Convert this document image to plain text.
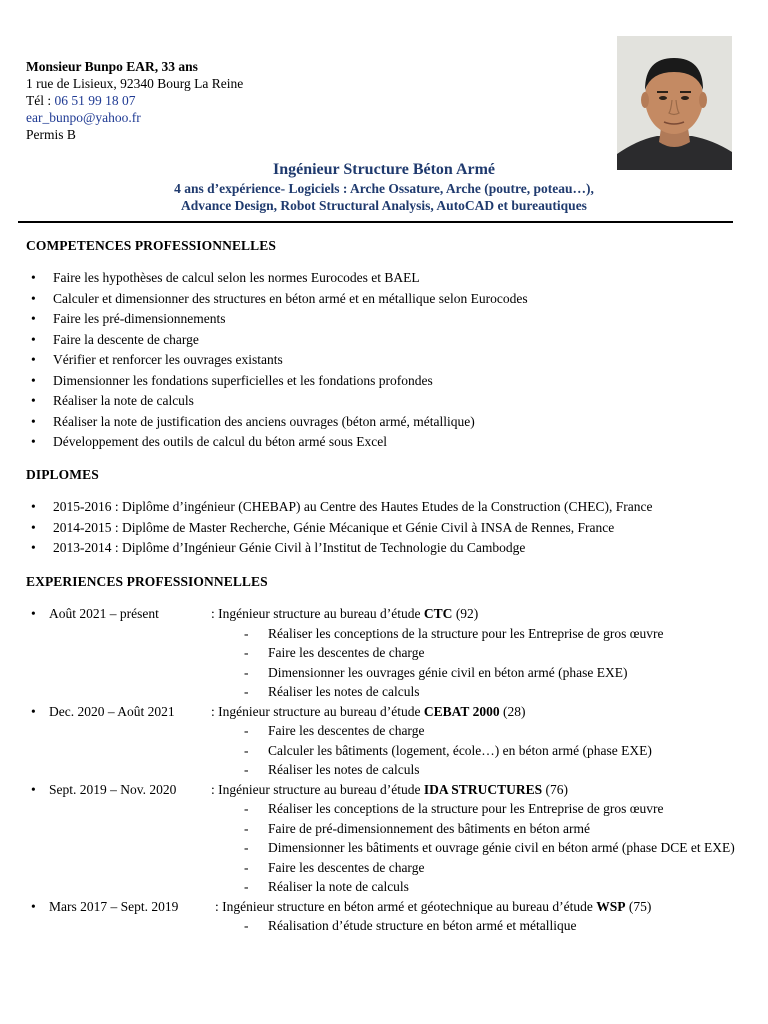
Monsieur Bunpo EAR, 33 ans
1 rue de Lisieux, 92340 Bourg La Reine
Tél : 06 51 99 18 07
ear_bunpo@yahoo.fr
Permis B
Ingénieur Structure Béton Armé
4 ans d’expérience- Logiciels : Arche Ossature, Arche (poutre, poteau…),
Advance Design, Robot Structural Analysis, AutoCAD et bureautiques
COMPETENCES PROFESSIONNELLES
• Faire les hypothèses de calcul selon les normes Eurocodes et BAEL
• Calculer et dimensionner des structures en béton armé et en métallique selon Eurocodes
• Faire les pré-dimensionnements
• Faire la descente de charge
• Vérifier et renforcer les ouvrages existants
• Dimensionner les fondations superficielles et les fondations profondes
• Réaliser la note de calculs
• Réaliser la note de justification des anciens ouvrages (béton armé, métallique)
• Développement des outils de calcul du béton armé sous Excel
DIPLOMES
• 2015-2016 : Diplôme d’ingénieur (CHEBAP) au Centre des Hautes Etudes de la Construction (CHEC), France
• 2014-2015 : Diplôme de Master Recherche, Génie Mécanique et Génie Civil à INSA de Rennes, France
• 2013-2014 : Diplôme d’Ingénieur Génie Civil à l’Institut de Technologie du Cambodge
EXPERIENCES PROFESSIONNELLES
• Août 2021 – présent	: Ingénieur structure au bureau d’étude CTC (92)
- Réaliser les conceptions de la structure pour les Entreprise de gros œuvre
- Faire les descentes de charge
- Dimensionner les ouvrages génie civil en béton armé (phase EXE)
- Réaliser les notes de calculs
• Dec. 2020 – Août 2021	: Ingénieur structure au bureau d’étude CEBAT 2000 (28)
- Faire les descentes de charge
- Calculer les bâtiments (logement, école…) en béton armé (phase EXE)
- Réaliser les notes de calculs
• Sept. 2019 – Nov. 2020	: Ingénieur structure au bureau d’étude IDA STRUCTURES (76)
- Réaliser les conceptions de la structure pour les Entreprise de gros œuvre
- Faire de pré-dimensionnement des bâtiments en béton armé
- Dimensionner les bâtiments et ouvrage génie civil en béton armé (phase DCE et EXE)
- Faire les descentes de charge
- Réaliser la note de calculs
• Mars 2017 – Sept. 2019	: Ingénieur structure en béton armé et géotechnique au bureau d’étude WSP (75)
- Réalisation d’étude structure en béton armé et métallique
